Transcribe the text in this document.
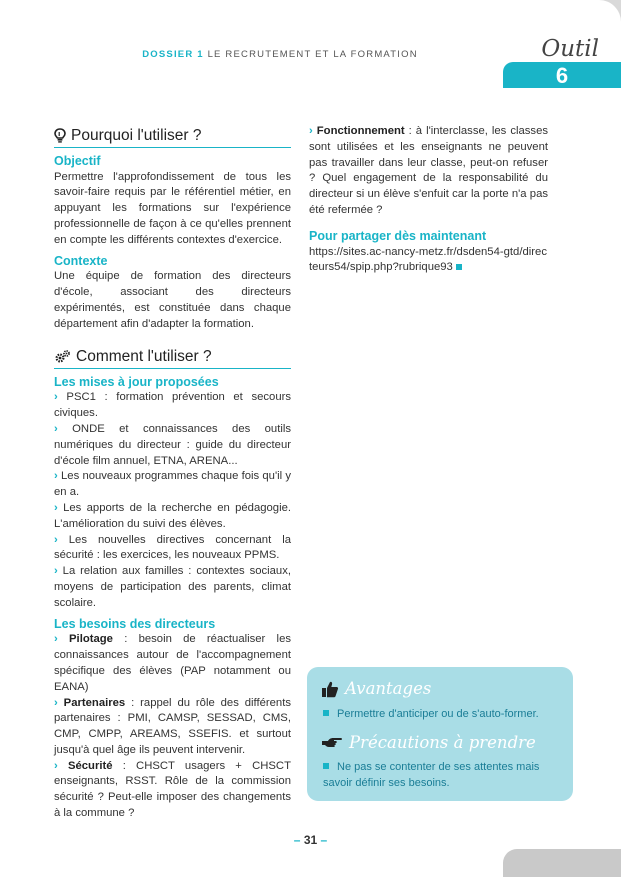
DOSSIER 1 LE RECRUTEMENT ET LA FORMATION	Outil
6
Pourquoi l'utiliser ?
Objectif

Permettre l'approfondissement de tous les savoir-faire requis par le référentiel métier, en appuyant les formations sur l'expérience professionnelle de façon à ce qu'elles prennent en compte les différents contextes d'exercice.

Contexte

Une équipe de formation des directeurs d'école, associant des directeurs expérimentés, est constituée dans chaque département afin d'adapter la formation.

Comment l'utiliser ?
Les mises à jour proposées

› PSC1 : formation prévention et secours civiques.

› ONDE et connaissances des outils numériques du directeur : guide du directeur d'école film annuel, ETNA, ARENA...

› Les nouveaux programmes chaque fois qu'il y en a.

› Les apports de la recherche en pédagogie. L'amélioration du suivi des élèves.

› Les nouvelles directives concernant la sécurité : les exercices, les nouveaux PPMS.

› La relation aux familles : contextes sociaux, moyens de participation des parents, climat scolaire.

Les besoins des directeurs

› Pilotage : besoin de réactualiser les connaissances autour de l'accompagnement spécifique des élèves (PAP notamment ou EANA)

› Partenaires : rappel du rôle des différents partenaires : PMI, CAMSP, SESSAD, CMS, CMP, CMPP, AREAMS, SSEFIS. et surtout jusqu'à quel âge ils peuvent intervenir.

› Sécurité : CHSCT usagers + CHSCT enseignants, RSST. Rôle de la commission sécurité ? Peut-elle imposer des changements à la commune ?

› Fonctionnement : à l'interclasse, les classes sont utilisées et les enseignants ne peuvent pas travailler dans leur classe, peut-on refuser ? Quel engagement de la responsabilité du directeur si un élève s'enfuit car la porte n'a pas été refermée ?

Pour partager dès maintenant

https://sites.ac-nancy-metz.fr/dsden54-gtd/directeurs54/spip.php?rubrique93

Avantages
Permettre d'anticiper ou de s'auto-former.
Précautions à prendre
Ne pas se contenter de ses attentes mais savoir définir ses besoins.
– 31 –
